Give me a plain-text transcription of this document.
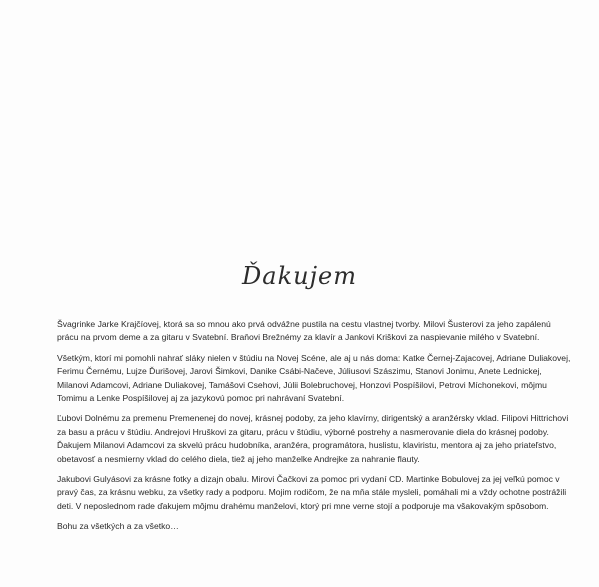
Ďakujem

Švagrinke Jarke Krajčíovej, ktorá sa so mnou ako prvá odvážne pustila na cestu vlastnej tvorby. Milovi Šusterovi za jeho zapálenú prácu na prvom deme a za gitaru v Svatební. Braňovi Brežnémy za klavír a Jankovi Kriškovi za naspievanie milého v Svatební.

Všetkým, ktorí mi pomohli nahrať sláky nielen v štúdiu na Novej Scéne, ale aj u nás doma: Katke Černej-Zajacovej, Adriane Duliakovej, Ferimu Černému, Lujze Ďurišovej, Jarovi Šimkovi, Danike Csábi-Načeve, Júliusovi Szászimu, Stanovi Jonimu, Anete Lednickej, Milanovi Adamcovi, Adriane Duliakovej, Tamášovi Csehovi, Júlii Bolebruchovej, Honzovi Pospíšilovi, Petrovi Míchonekovi, môjmu Tomimu a Lenke Pospíšilovej aj za jazykovú pomoc pri nahrávaní Svatební.

Ľubovi Dolnému za premenu Premenenej do novej, krásnej podoby, za jeho klavírny, dirigentský a aranžérsky vklad. Filipovi Hittrichovi za basu a prácu v štúdiu. Andrejovi Hruškovi za gitaru, prácu v štúdiu, výborné postrehy a nasmerovanie diela do krásnej podoby. Ďakujem Milanovi Adamcovi za skvelú prácu hudobníka, aranžéra, programátora, huslistu, klaviristu, mentora aj za jeho priateľstvo, obetavosť a nesmierny vklad do celého diela, tiež aj jeho manželke Andrejke za nahranie flauty.

Jakubovi Gulyásovi za krásne fotky a dizajn obalu. Mirovi Čačkovi za pomoc pri vydaní CD. Martinke Bobulovej za jej veľkú pomoc v pravý čas, za krásnu webku, za všetky rady a podporu. Mojim rodičom, že na mňa stále mysleli, pomáhali mi a vždy ochotne postrážili deti. V neposlednom rade ďakujem môjmu drahému manželovi, ktorý pri mne verne stojí a podporuje ma všakovakým spôsobom.

Bohu za všetkých a za všetko…
